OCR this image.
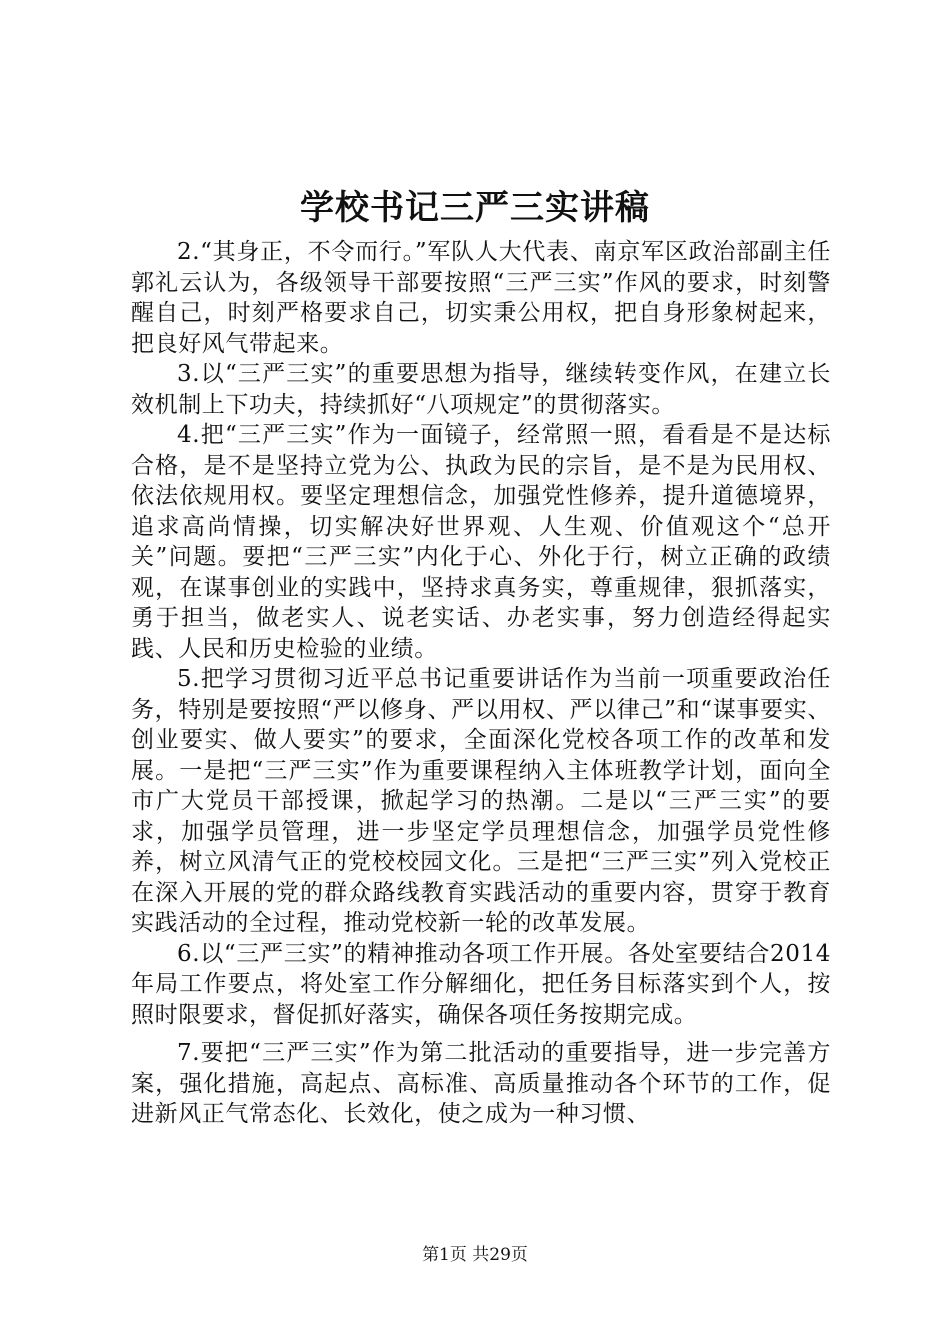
学校书记三严三实讲稿

2.“其身正，不令而行。”军队人大代表、南京军区政治部副主任郭礼云认为，各级领导干部要按照“三严三实”作风的要求，时刻警醒自己，时刻严格要求自己，切实秉公用权，把自身形象树起来，把良好风气带起来。

3.以“三严三实”的重要思想为指导，继续转变作风，在建立长效机制上下功夫，持续抓好“八项规定”的贯彻落实。

4.把“三严三实”作为一面镜子，经常照一照，看看是不是达标合格，是不是坚持立党为公、执政为民的宗旨，是不是为民用权、依法依规用权。要坚定理想信念，加强党性修养，提升道德境界，追求高尚情操，切实解决好世界观、人生观、价值观这个“总开关”问题。要把“三严三实”内化于心、外化于行，树立正确的政绩观，在谋事创业的实践中，坚持求真务实，尊重规律，狠抓落实，勇于担当，做老实人、说老实话、办老实事，努力创造经得起实践、人民和历史检验的业绩。

5.把学习贯彻习近平总书记重要讲话作为当前一项重要政治任务，特别是要按照“严以修身、严以用权、严以律己”和“谋事要实、创业要实、做人要实”的要求，全面深化党校各项工作的改革和发展。一是把“三严三实”作为重要课程纳入主体班教学计划，面向全市广大党员干部授课，掀起学习的热潮。二是以“三严三实”的要求，加强学员管理，进一步坚定学员理想信念，加强学员党性修养，树立风清气正的党校校园文化。三是把“三严三实”列入党校正在深入开展的党的群众路线教育实践活动的重要内容，贯穿于教育实践活动的全过程，推动党校新一轮的改革发展。

6.以“三严三实”的精神推动各项工作开展。各处室要结合2014年局工作要点，将处室工作分解细化，把任务目标落实到个人，按照时限要求，督促抓好落实，确保各项任务按期完成。

7.要把“三严三实”作为第二批活动的重要指导，进一步完善方案，强化措施，高起点、高标准、高质量推动各个环节的工作，促进新风正气常态化、长效化，使之成为一种习惯、

第1页 共29页
